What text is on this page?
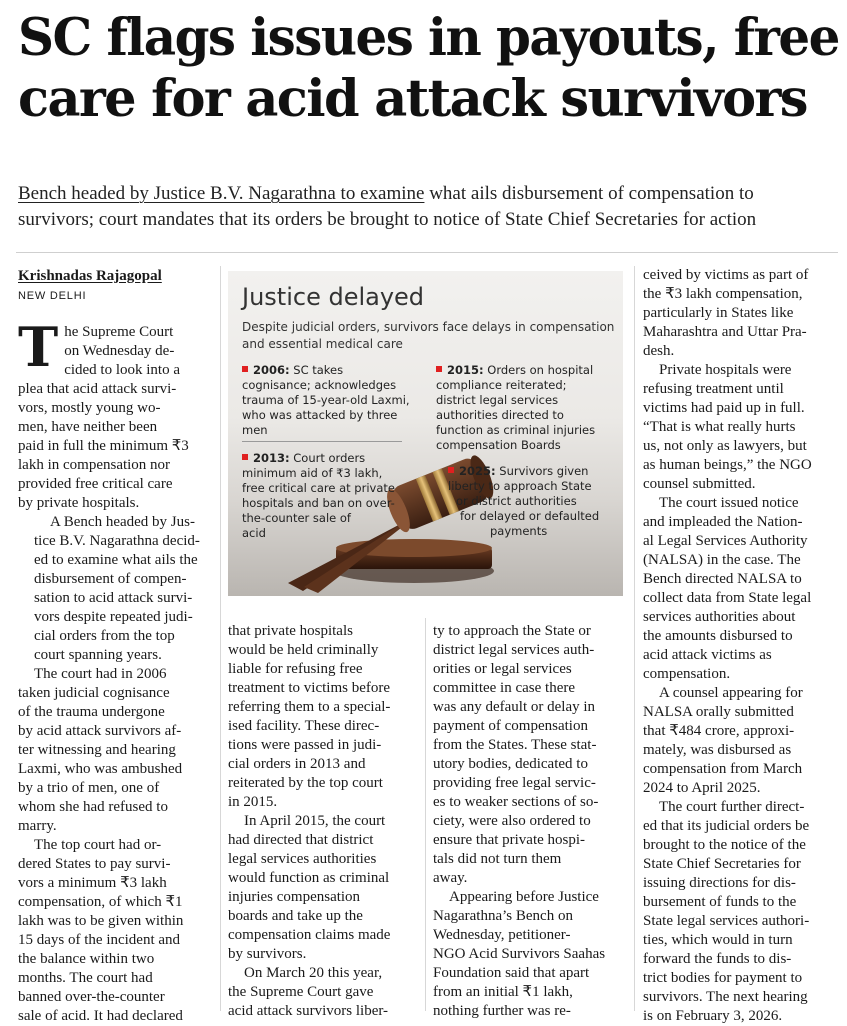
SC flags issues in payouts, free
care for acid attack survivors
Bench headed by Justice B.V. Nagarathna to examine what ails disbursement of compensation to
survivors; court mandates that its orders be brought to notice of State Chief Secretaries for action
Krishnadas Rajagopal
NEW DELHI	Justice delayed
Despite judicial orders, survivors face delays in compensation
and essential medical care
2006: SC takes
cognisance; acknowledges
trauma of 15-year-old Laxmi,
who was attacked by three
men
2013: Court orders
minimum aid of ₹3 lakh,
free critical care at private
hospitals and ban on over-
the-counter sale of
acid
2015: Orders on hospital
compliance reiterated;
district legal services
authorities directed to
function as criminal injuries
compensation Boards
2025: Survivors given
liberty to approach State
or district authorities
for delayed or defaulted
payments

T he Supreme Court
on Wednesday de-
cided to look into a
plea that acid attack survi-
vors, mostly young wo-
men, have neither been
paid in full the minimum ₹3
lakh in compensation nor
provided free critical care
by private hospitals.

A Bench headed by Jus-
tice B.V. Nagarathna decid-
ed to examine what ails the
disbursement of compen-
sation to acid attack survi-
vors despite repeated judi-
cial orders from the top
court spanning years.

The court had in 2006
taken judicial cognisance
of the trauma undergone
by acid attack survivors af-
ter witnessing and hearing
Laxmi, who was ambushed
by a trio of men, one of
whom she had refused to
marry.

The top court had or-
dered States to pay survi-
vors a minimum ₹3 lakh
compensation, of which ₹1
lakh was to be given within
15 days of the incident and
the balance within two
months. The court had
banned over-the-counter
sale of acid. It had declared

that private hospitals
would be held criminally
liable for refusing free
treatment to victims before
referring them to a special-
ised facility. These direc-
tions were passed in judi-
cial orders in 2013 and
reiterated by the top court
in 2015.

In April 2015, the court
had directed that district
legal services authorities
would function as criminal
injuries compensation
boards and take up the
compensation claims made
by survivors.

On March 20 this year,
the Supreme Court gave
acid attack survivors liber-

ty to approach the State or
district legal services auth-
orities or legal services
committee in case there
was any default or delay in
payment of compensation
from the States. These stat-
utory bodies, dedicated to
providing free legal servic-
es to weaker sections of so-
ciety, were also ordered to
ensure that private hospi-
tals did not turn them
away.

Appearing before Justice
Nagarathna’s Bench on
Wednesday, petitioner-
NGO Acid Survivors Saahas
Foundation said that apart
from an initial ₹1 lakh,
nothing further was re-

ceived by victims as part of
the ₹3 lakh compensation,
particularly in States like
Maharashtra and Uttar Pra-
desh.

Private hospitals were
refusing treatment until
victims had paid up in full.
“That is what really hurts
us, not only as lawyers, but
as human beings,” the NGO
counsel submitted.

The court issued notice
and impleaded the Nation-
al Legal Services Authority
(NALSA) in the case. The
Bench directed NALSA to
collect data from State legal
services authorities about
the amounts disbursed to
acid attack victims as
compensation.

A counsel appearing for
NALSA orally submitted
that ₹484 crore, approxi-
mately, was disbursed as
compensation from March
2024 to April 2025.

The court further direct-
ed that its judicial orders be
brought to the notice of the
State Chief Secretaries for
issuing directions for dis-
bursement of funds to the
State legal services authori-
ties, which would in turn
forward the funds to dis-
trict bodies for payment to
survivors. The next hearing
is on February 3, 2026.
